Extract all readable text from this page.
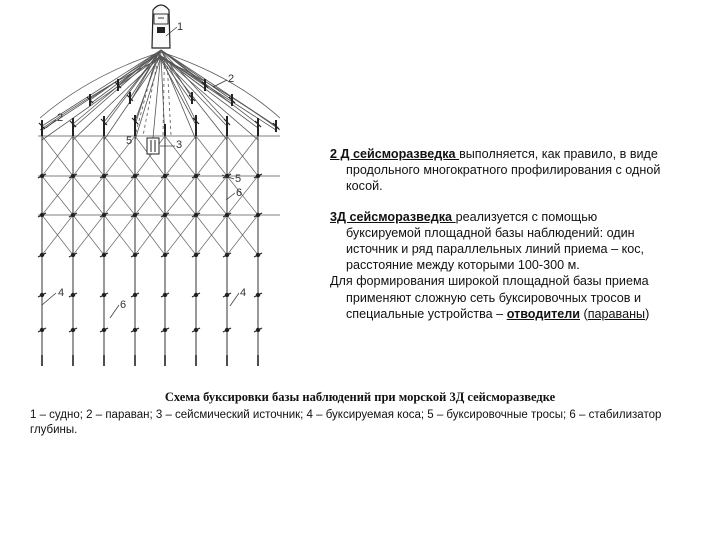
1
2
2
5	3
5
6
4
6
4

2 Д сейсморазведка выполняется, как правило, в виде продольного многократного профилирования с одной косой.

3Д сейсморазведка реализуется с помощью буксируемой площадной базы наблюдений: один источник и ряд параллельных линий приема – кос, расстояние между которыми 100-300 м.

Для формирования широкой площадной базы приема применяют сложную сеть буксировочных тросов и специальные устройства – отводители (параваны)

Схема буксировки базы наблюдений при морской 3Д сейсморазведке
1 – судно; 2 – параван; 3 – сейсмический источник; 4 – буксируемая коса; 5 – буксировочные тросы; 6 – стабилизатор глубины.
